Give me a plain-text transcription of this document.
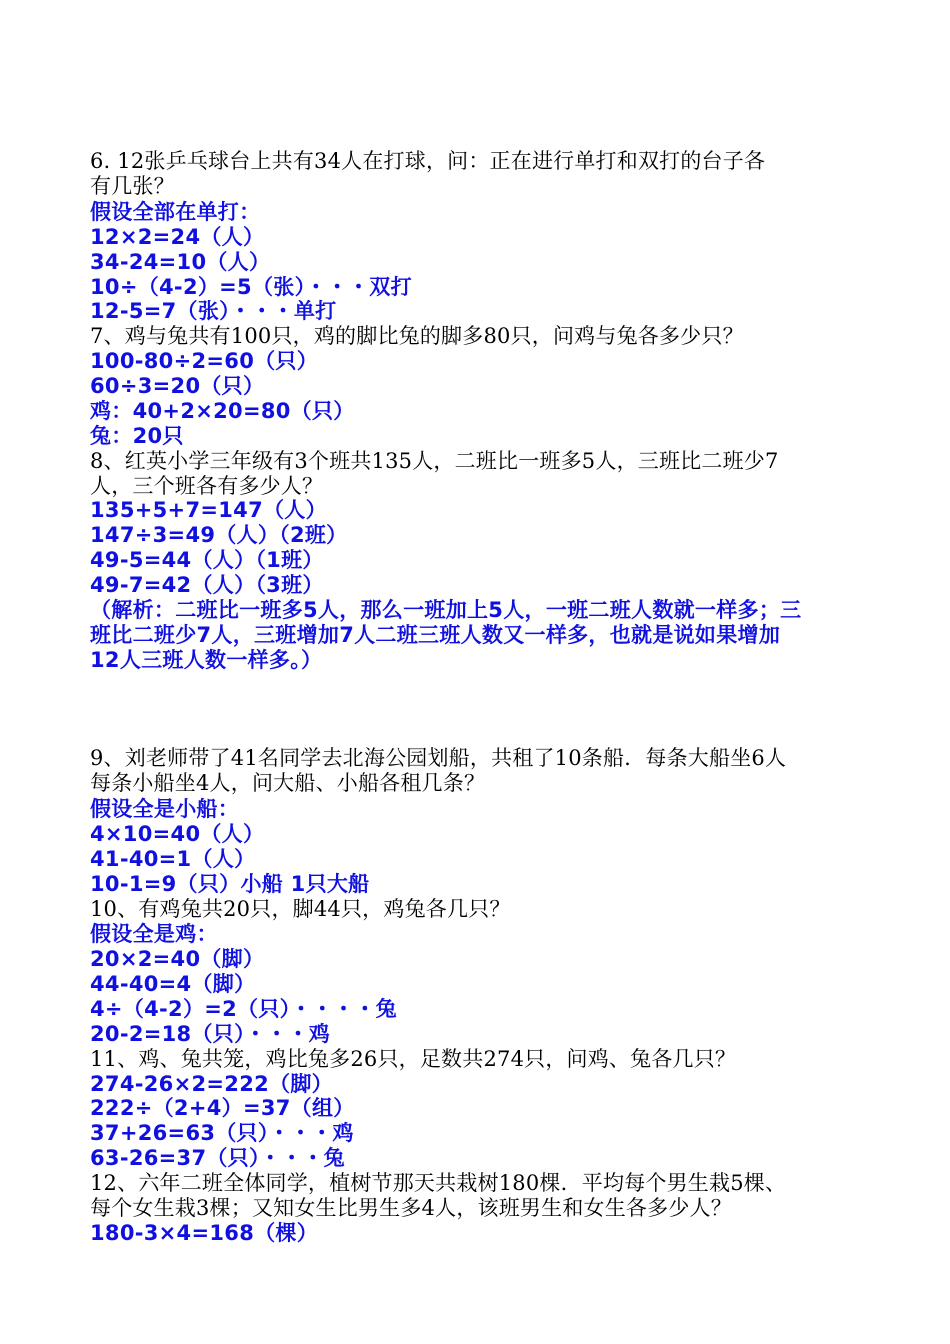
6. 12张乒乓球台上共有34人在打球，问：正在进行单打和双打的台子各
有几张？
假设全部在单打：
12×2=24（人）
34-24=10（人）
10÷（4-2）=5（张）・・・双打
12-5=7（张）・・・单打
7、鸡与兔共有100只，鸡的脚比兔的脚多80只，问鸡与兔各多少只？
100-80÷2=60（只）
60÷3=20（只）
鸡：40+2×20=80（只）
兔：20只
8、红英小学三年级有3个班共135人，二班比一班多5人，三班比二班少7
人，三个班各有多少人？
135+5+7=147（人）
147÷3=49（人）（2班）
49-5=44（人）（1班）
49-7=42（人）（3班）
（解析：二班比一班多5人，那么一班加上5人，一班二班人数就一样多；三
班比二班少7人，三班增加7人二班三班人数又一样多，也就是说如果增加
12人三班人数一样多。）
9、刘老师带了41名同学去北海公园划船，共租了10条船．每条大船坐6人
每条小船坐4人，问大船、小船各租几条？
假设全是小船：
4×10=40（人）
41-40=1（人）
10-1=9（只）小船 1只大船
10、有鸡兔共20只，脚44只，鸡兔各几只？
假设全是鸡：
20×2=40（脚）
44-40=4（脚）
4÷（4-2）=2（只）・・・・兔
20-2=18（只）・・・鸡
11、鸡、兔共笼，鸡比兔多26只，足数共274只，问鸡、兔各几只？
274-26×2=222（脚）
222÷（2+4）=37（组）
37+26=63（只）・・・鸡
63-26=37（只）・・・兔
12、六年二班全体同学，植树节那天共栽树180棵．平均每个男生栽5棵、
每个女生栽3棵；又知女生比男生多4人，该班男生和女生各多少人？
180-3×4=168（棵）
